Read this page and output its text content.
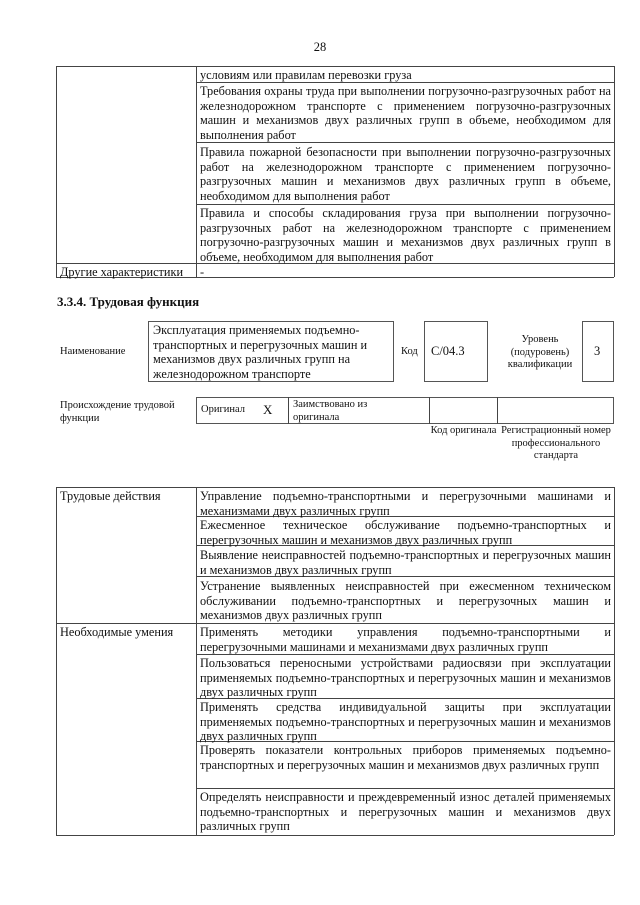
28
условиям или правилам перевозки груза
Требования охраны труда при выполнении погрузочно-разгрузочных работ на железнодорожном транспорте с применением погрузочно-разгрузочных машин и механизмов двух различных групп в объеме, необходимом для выполнения работ
Правила пожарной безопасности при выполнении погрузочно-разгрузочных работ на железнодорожном транспорте с применением погрузочно-разгрузочных машин и механизмов двух различных групп в объеме, необходимом для выполнения работ
Правила и способы складирования груза при выполнении погрузочно-разгрузочных работ на железнодорожном транспорте с применением погрузочно-разгрузочных машин и механизмов двух различных групп в объеме, необходимом для выполнения работ
Другие характеристики	-
3.3.4. Трудовая функция
Наименование
Эксплуатация применяемых подъемно-транспортных и перегрузочных машин и механизмов двух различных групп на железнодорожном транспорте
Код C/04.3
Уровень (подуровень) квалификации
3
Происхождение трудовой функции
Оригинал X Заимствовано из оригинала
Код оригинала Регистрационный номер профессионального стандарта
Трудовые действия	Управление подъемно-транспортными и перегрузочными машинами и механизмами двух различных групп
Ежесменное техническое обслуживание подъемно-транспортных и перегрузочных машин и механизмов двух различных групп
Выявление неисправностей подъемно-транспортных и перегрузочных машин и механизмов двух различных групп
Устранение выявленных неисправностей при ежесменном техническом обслуживании подъемно-транспортных и перегрузочных машин и механизмов двух различных групп
Необходимые умения	Применять методики управления подъемно-транспортными и перегрузочными машинами и механизмами двух различных групп
Пользоваться переносными устройствами радиосвязи при эксплуатации применяемых подъемно-транспортных и перегрузочных машин и механизмов двух различных групп
Применять средства индивидуальной защиты при эксплуатации применяемых подъемно-транспортных и перегрузочных машин и механизмов двух различных групп
Проверять показатели контрольных приборов применяемых подъемно-транспортных и перегрузочных машин и механизмов двух различных групп
Определять неисправности и преждевременный износ деталей применяемых подъемно-транспортных и перегрузочных машин и механизмов двух различных групп
